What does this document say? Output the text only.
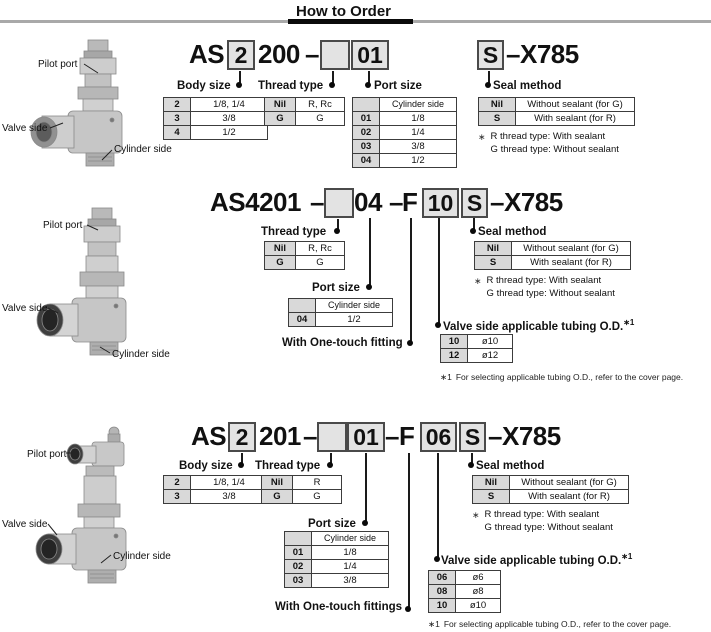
How to Order
AS 2 200 – 01	S – X785
Body size Thread type	Port size	Seal method
2	1/8, 1/4
3	3/8
4	1/2
Nil	R, Rc
G	G
	Cylinder side
01	1/8
02	1/4
03	3/8
04	1/2
Nil	Without sealant (for G)
S	With sealant (for R)
∗ R thread type: With sealant
G thread type: Without sealant
Pilot port
Valve side
Cylinder side
AS4201 – 04 – F 10 S – X785
Thread type
Port size
With One-touch fitting
Seal method
Valve side applicable tubing O.D.$^{∗1}$
Nil	R, Rc
G	G
	Cylinder side
04	1/2
Nil	Without sealant (for G)
S	With sealant (for R)
∗ R thread type: With sealant
G thread type: Without sealant
10	ø10
12	ø12
∗1 For selecting applicable tubing O.D., refer to the cover page.
Pilot port
Valve side
Cylinder side
AS 2 201 – 01 – F 06 S – X785
Body size Thread type
Port size
With One-touch fittings
Seal method
Valve side applicable tubing O.D.$^{∗1}$
2	1/8, 1/4
3	3/8
Nil	R
G	G
	Cylinder side
01	1/8
02	1/4
03	3/8
Nil	Without sealant (for G)
S	With sealant (for R)
∗ R thread type: With sealant
G thread type: Without sealant
06	ø6
08	ø8
10	ø10
∗1 For selecting applicable tubing O.D., refer to the cover page.
Pilot port
Valve side
Cylinder side
